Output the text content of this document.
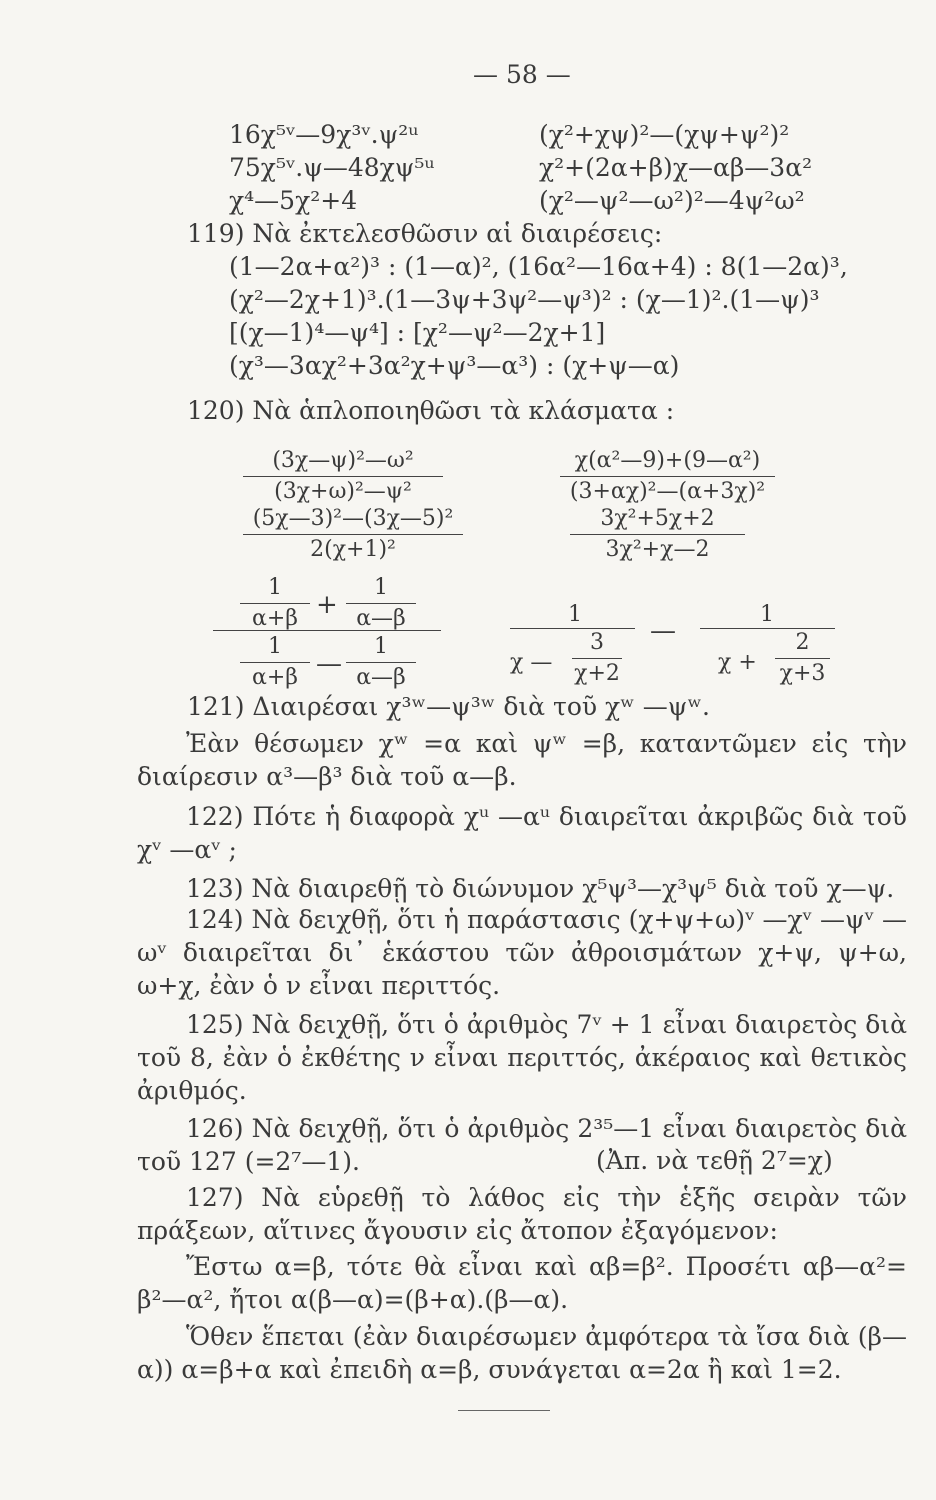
— 58 —
16χ⁵ᵛ—9χ³ᵛ.ψ²ᵘ	(χ²+χψ)²—(χψ+ψ²)²
75χ⁵ᵛ.ψ—48χψ⁵ᵘ	χ²+(2α+β)χ—αβ—3α²
χ⁴—5χ²+4	(χ²—ψ²—ω²)²—4ψ²ω²
119) Νὰ ἐκτελεσθῶσιν αἱ διαιρέσεις:
(1—2α+α²)³ : (1—α)², (16α²—16α+4) : 8(1—2α)³,
(χ²—2χ+1)³.(1—3ψ+3ψ²—ψ³)² : (χ—1)².(1—ψ)³
[(χ—1)⁴—ψ⁴] : [χ²—ψ²—2χ+1]
(χ³—3αχ²+3α²χ+ψ³—α³) : (χ+ψ—α)
120) Νὰ ἁπλοποιηθῶσι τὰ κλάσματα :
(3χ—ψ)²—ω²
(3χ+ω)²—ψ²
χ(α²—9)+(9—α²)
(3+αχ)²—(α+3χ)²
(5χ—3)²—(3χ—5)²
2(χ+1)²
3χ²+5χ+2
3χ²+χ—2
1
α+β +
1
α—β
1
α+β —
1
α—β
1
χ —
3
χ+2
—
1
χ +
2
χ+3
121) Διαιρέσαι χ³ʷ—ψ³ʷ διὰ τοῦ χʷ —ψʷ.
Ἐὰν θέσωμεν χʷ =α καὶ ψʷ =β, καταντῶμεν εἰς τὴν διαίρεσιν α³—β³ διὰ τοῦ α—β.
122) Πότε ἡ διαφορὰ χᵘ —αᵘ διαιρεῖται ἀκριβῶς διὰ τοῦ χᵛ —αᵛ ;
123) Νὰ διαιρεθῇ τὸ διώνυμον χ⁵ψ³—χ³ψ⁵ διὰ τοῦ χ—ψ.
124) Νὰ δειχθῇ, ὅτι ἡ παράστασις (χ+ψ+ω)ᵛ —χᵛ —ψᵛ —ωᵛ διαιρεῖται δι᾽ ἑκάστου τῶν ἀθροισμάτων χ+ψ, ψ+ω, ω+χ, ἐὰν ὁ ν εἶναι περιττός.
125) Νὰ δειχθῇ, ὅτι ὁ ἀριθμὸς 7ᵛ + 1 εἶναι διαιρετὸς διὰ τοῦ 8, ἐὰν ὁ ἐκθέτης ν εἶναι περιττός, ἀκέραιος καὶ θετικὸς ἀριθμός.
126) Νὰ δειχθῇ, ὅτι ὁ ἀριθμὸς 2³⁵—1 εἶναι διαιρετὸς διὰ τοῦ 127 (=2⁷—1).	(Ἀπ. νὰ τεθῇ 2⁷=χ)
127) Νὰ εὑρεθῇ τὸ λάθος εἰς τὴν ἑξῆς σειρὰν τῶν πράξεων, αἵτινες ἄγουσιν εἰς ἄτοπον ἐξαγόμενον:
Ἔστω α=β, τότε θὰ εἶναι καὶ αβ=β². Προσέτι αβ—α²= β²—α², ἤτοι α(β—α)=(β+α).(β—α).
Ὅθεν ἕπεται (ἐὰν διαιρέσωμεν ἀμφότερα τὰ ἴσα διὰ (β—α)) α=β+α καὶ ἐπειδὴ α=β, συνάγεται α=2α ἢ καὶ 1=2.
